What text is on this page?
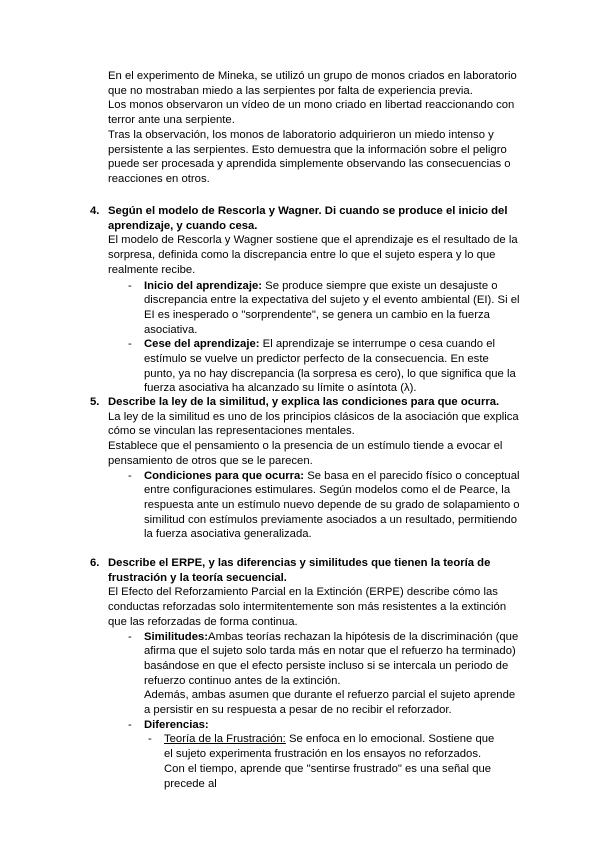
En el experimento de Mineka, se utilizó un grupo de monos criados en laboratorio que no mostraban miedo a las serpientes por falta de experiencia previa.

Los monos observaron un vídeo de un mono criado en libertad reaccionando con terror ante una serpiente.

Tras la observación, los monos de laboratorio adquirieron un miedo intenso y persistente a las serpientes. Esto demuestra que la información sobre el peligro puede ser procesada y aprendida simplemente observando las consecuencias o reacciones en otros.

4. Según el modelo de Rescorla y Wagner. Di cuando se produce el inicio del aprendizaje, y cuando cesa.

El modelo de Rescorla y Wagner sostiene que el aprendizaje es el resultado de la sorpresa, definida como la discrepancia entre lo que el sujeto espera y lo que realmente recibe.

-	Inicio del aprendizaje: Se produce siempre que existe un desajuste o discrepancia entre la expectativa del sujeto y el evento ambiental (EI). Si el EI es inesperado o "sorprendente", se genera un cambio en la fuerza asociativa.
-	Cese del aprendizaje: El aprendizaje se interrumpe o cesa cuando el estímulo se vuelve un predictor perfecto de la consecuencia. En este punto, ya no hay discrepancia (la sorpresa es cero), lo que significa que la fuerza asociativa ha alcanzado su límite o asíntota (λ).
5. Describe la ley de la similitud, y explica las condiciones para que ocurra.

La ley de la similitud es uno de los principios clásicos de la asociación que explica cómo se vinculan las representaciones mentales.

Establece que el pensamiento o la presencia de un estímulo tiende a evocar el pensamiento de otros que se le parecen.

-	Condiciones para que ocurra: Se basa en el parecido físico o conceptual entre configuraciones estimulares. Según modelos como el de Pearce, la respuesta ante un estímulo nuevo depende de su grado de solapamiento o similitud con estímulos previamente asociados a un resultado, permitiendo la fuerza asociativa generalizada.
6. Describe el ERPE, y las diferencias y similitudes que tienen la teoría de frustración y la teoría secuencial.

El Efecto del Reforzamiento Parcial en la Extinción (ERPE) describe cómo las conductas reforzadas solo intermitentemente son más resistentes a la extinción que las reforzadas de forma continua.

-	Similitudes:Ambas teorías rechazan la hipótesis de la discriminación (que afirma que el sujeto solo tarda más en notar que el refuerzo ha terminado) basándose en que el efecto persiste incluso si se intercala un periodo de refuerzo continuo antes de la extinción.
Además, ambas asumen que durante el refuerzo parcial el sujeto aprende a persistir en su respuesta a pesar de no recibir el reforzador.
-	Diferencias:
-	Teoría de la Frustración: Se enfoca en lo emocional. Sostiene que el sujeto experimenta frustración en los ensayos no reforzados. Con el tiempo, aprende que "sentirse frustrado" es una señal que precede al
